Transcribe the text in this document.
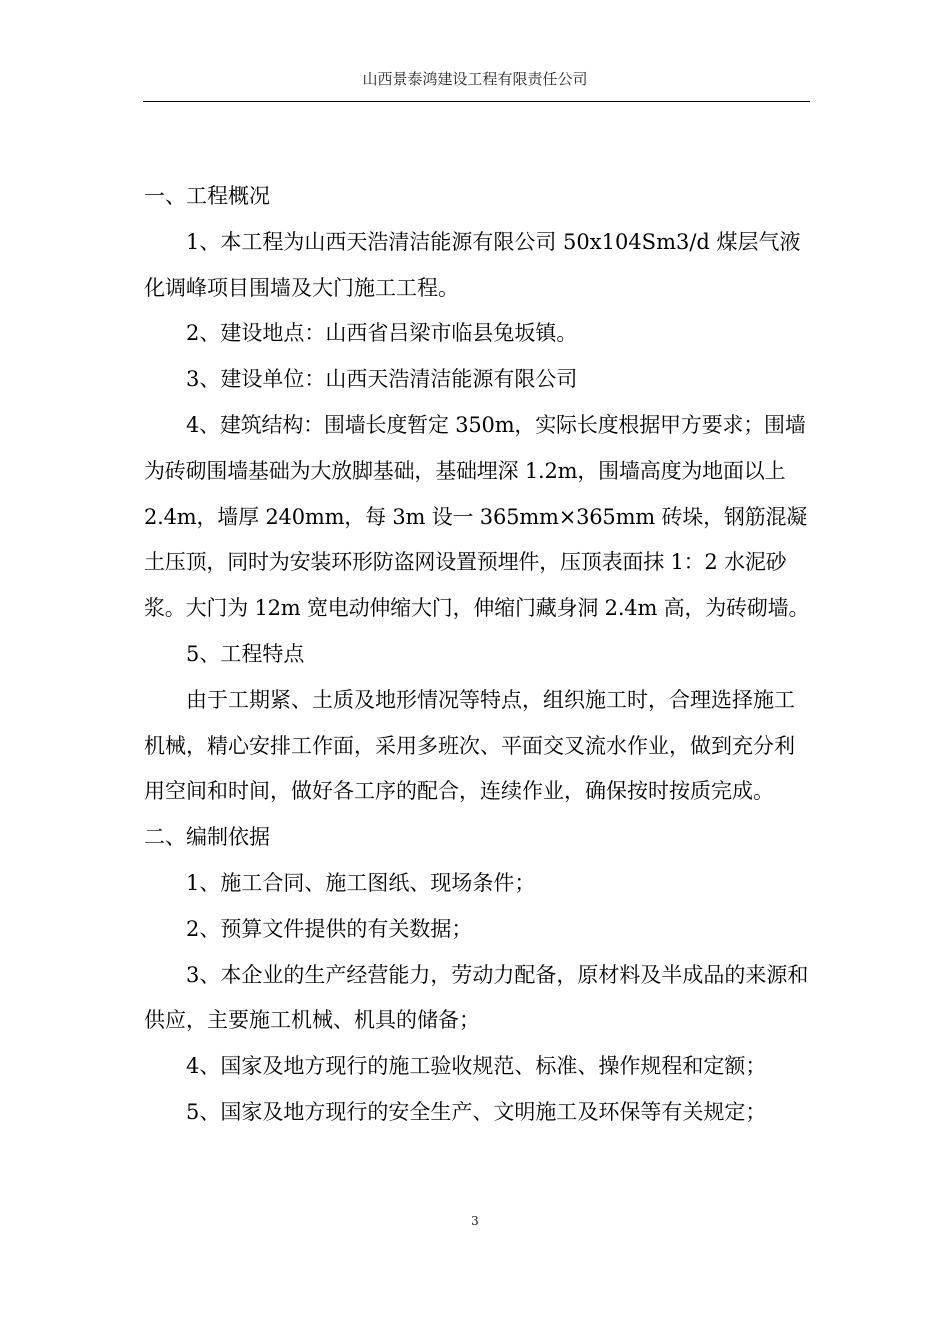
山西景泰鸿建设工程有限责任公司

一、工程概况

1、本工程为山西天浩清洁能源有限公司 50x104Sm3/d 煤层气液化调峰项目围墙及大门施工工程。

2、建设地点：山西省吕梁市临县兔坂镇。

3、建设单位：山西天浩清洁能源有限公司

4、建筑结构：围墙长度暂定 350m，实际长度根据甲方要求；围墙为砖砌围墙基础为大放脚基础，基础埋深 1.2m，围墙高度为地面以上 2.4m，墙厚 240mm，每 3m 设一 365mm×365mm 砖垛，钢筋混凝土压顶，同时为安装环形防盗网设置预埋件，压顶表面抹 1：2 水泥砂浆。大门为 12m 宽电动伸缩大门，伸缩门藏身洞 2.4m 高，为砖砌墙。

5、工程特点

由于工期紧、土质及地形情况等特点，组织施工时，合理选择施工机械，精心安排工作面，采用多班次、平面交叉流水作业，做到充分利用空间和时间，做好各工序的配合，连续作业，确保按时按质完成。

二、编制依据

1、施工合同、施工图纸、现场条件；

2、预算文件提供的有关数据；

3、本企业的生产经营能力，劳动力配备，原材料及半成品的来源和供应，主要施工机械、机具的储备；

4、国家及地方现行的施工验收规范、标准、操作规程和定额；

5、国家及地方现行的安全生产、文明施工及环保等有关规定；

3
